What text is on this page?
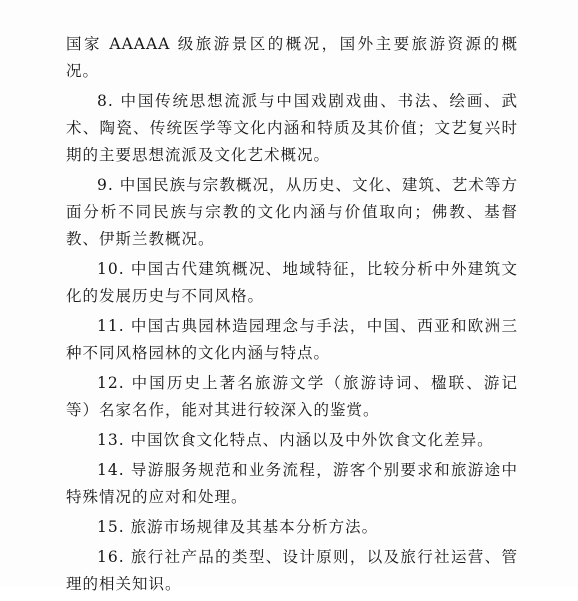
国家 AAAAA 级旅游景区的概况，国外主要旅游资源的概况。

8. 中国传统思想流派与中国戏剧戏曲、书法、绘画、武术、陶瓷、传统医学等文化内涵和特质及其价值；文艺复兴时期的主要思想流派及文化艺术概况。

9. 中国民族与宗教概况，从历史、文化、建筑、艺术等方面分析不同民族与宗教的文化内涵与价值取向；佛教、基督教、伊斯兰教概况。

10. 中国古代建筑概况、地域特征，比较分析中外建筑文化的发展历史与不同风格。

11. 中国古典园林造园理念与手法，中国、西亚和欧洲三种不同风格园林的文化内涵与特点。

12. 中国历史上著名旅游文学（旅游诗词、楹联、游记等）名家名作，能对其进行较深入的鉴赏。

13. 中国饮食文化特点、内涵以及中外饮食文化差异。

14. 导游服务规范和业务流程，游客个别要求和旅游途中特殊情况的应对和处理。

15. 旅游市场规律及其基本分析方法。

16. 旅行社产品的类型、设计原则，以及旅行社运营、管理的相关知识。
